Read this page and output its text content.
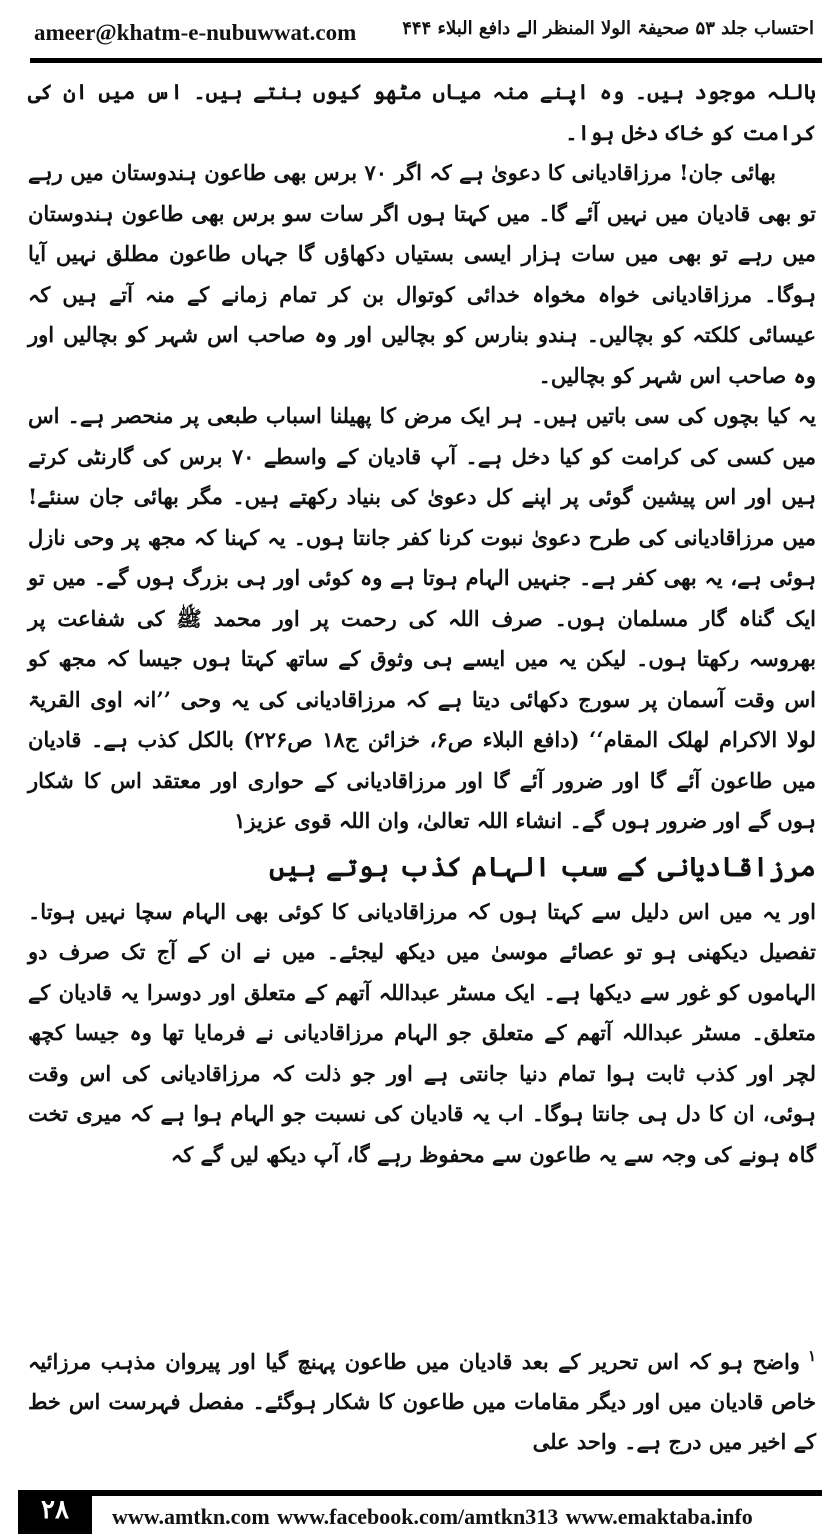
ameer@khatm-e-nubuwwat.com	احتساب جلد ۵۳ صحیفۃ الولا المنظر الے دافع البلاء ۴۴۴

باللہ موجود ہیں۔ وہ اپنے منہ میاں مٹھو کیوں بنتے ہیں۔ اس میں ان کی کرامت کو خاک دخل ہوا۔

بھائی جان! مرزاقادیانی کا دعویٰ ہے کہ اگر ۷۰ برس بھی طاعون ہندوستان میں رہے تو بھی قادیان میں نہیں آئے گا۔ میں کہتا ہوں اگر سات سو برس بھی طاعون ہندوستان میں رہے تو بھی میں سات ہزار ایسی بستیاں دکھاؤں گا جہاں طاعون مطلق نہیں آیا ہوگا۔ مرزاقادیانی خواہ مخواہ خدائی کوتوال بن کر تمام زمانے کے منہ آتے ہیں کہ عیسائی کلکتہ کو بچالیں۔ ہندو بنارس کو بچالیں اور وہ صاحب اس شہر کو بچالیں اور وہ صاحب اس شہر کو بچالیں۔

یہ کیا بچوں کی سی باتیں ہیں۔ ہر ایک مرض کا پھیلنا اسباب طبعی پر منحصر ہے۔ اس میں کسی کی کرامت کو کیا دخل ہے۔ آپ قادیان کے واسطے ۷۰ برس کی گارنٹی کرتے ہیں اور اس پیشین گوئی پر اپنے کل دعویٰ کی بنیاد رکھتے ہیں۔ مگر بھائی جان سنئے! میں مرزاقادیانی کی طرح دعویٰ نبوت کرنا کفر جانتا ہوں۔ یہ کہنا کہ مجھ پر وحی نازل ہوئی ہے، یہ بھی کفر ہے۔ جنہیں الہام ہوتا ہے وہ کوئی اور ہی بزرگ ہوں گے۔ میں تو ایک گناہ گار مسلمان ہوں۔ صرف اللہ کی رحمت پر اور محمد ﷺ کی شفاعت پر بھروسہ رکھتا ہوں۔ لیکن یہ میں ایسے ہی وثوق کے ساتھ کہتا ہوں جیسا کہ مجھ کو اس وقت آسمان پر سورج دکھائی دیتا ہے کہ مرزاقادیانی کی یہ وحی ’’انہ اوی القریۃ لولا الاکرام لھلک المقام‘‘ (دافع البلاء ص۶، خزائن ج۱۸ ص۲۲۶) بالکل کذب ہے۔ قادیان میں طاعون آئے گا اور ضرور آئے گا اور مرزاقادیانی کے حواری اور معتقد اس کا شکار ہوں گے اور ضرور ہوں گے۔ انشاء اللہ تعالیٰ، وان اللہ قوی عزیز۱

مرزاقادیانی کے سب الہام کذب ہوتے ہیں

اور یہ میں اس دلیل سے کہتا ہوں کہ مرزاقادیانی کا کوئی بھی الہام سچا نہیں ہوتا۔ تفصیل دیکھنی ہو تو عصائے موسیٰ میں دیکھ لیجئے۔ میں نے ان کے آج تک صرف دو الہاموں کو غور سے دیکھا ہے۔ ایک مسٹر عبداللہ آتھم کے متعلق اور دوسرا یہ قادیان کے متعلق۔ مسٹر عبداللہ آتھم کے متعلق جو الہام مرزاقادیانی نے فرمایا تھا وہ جیسا کچھ لچر اور کذب ثابت ہوا تمام دنیا جانتی ہے اور جو ذلت کہ مرزاقادیانی کی اس وقت ہوئی، ان کا دل ہی جانتا ہوگا۔ اب یہ قادیان کی نسبت جو الہام ہوا ہے کہ میری تخت گاہ ہونے کی وجہ سے یہ طاعون سے محفوظ رہے گا، آپ دیکھ لیں گے کہ

$^۱$واضح ہو کہ اس تحریر کے بعد قادیان میں طاعون پہنچ گیا اور پیروان مذہب مرزائیہ خاص قادیان میں اور دیگر مقامات میں طاعون کا شکار ہوگئے۔ مفصل فہرست اس خط کے اخیر میں درج ہے۔ واحد علی
۲۸	www.amtkn.com www.facebook.com/amtkn313 www.emaktaba.info
